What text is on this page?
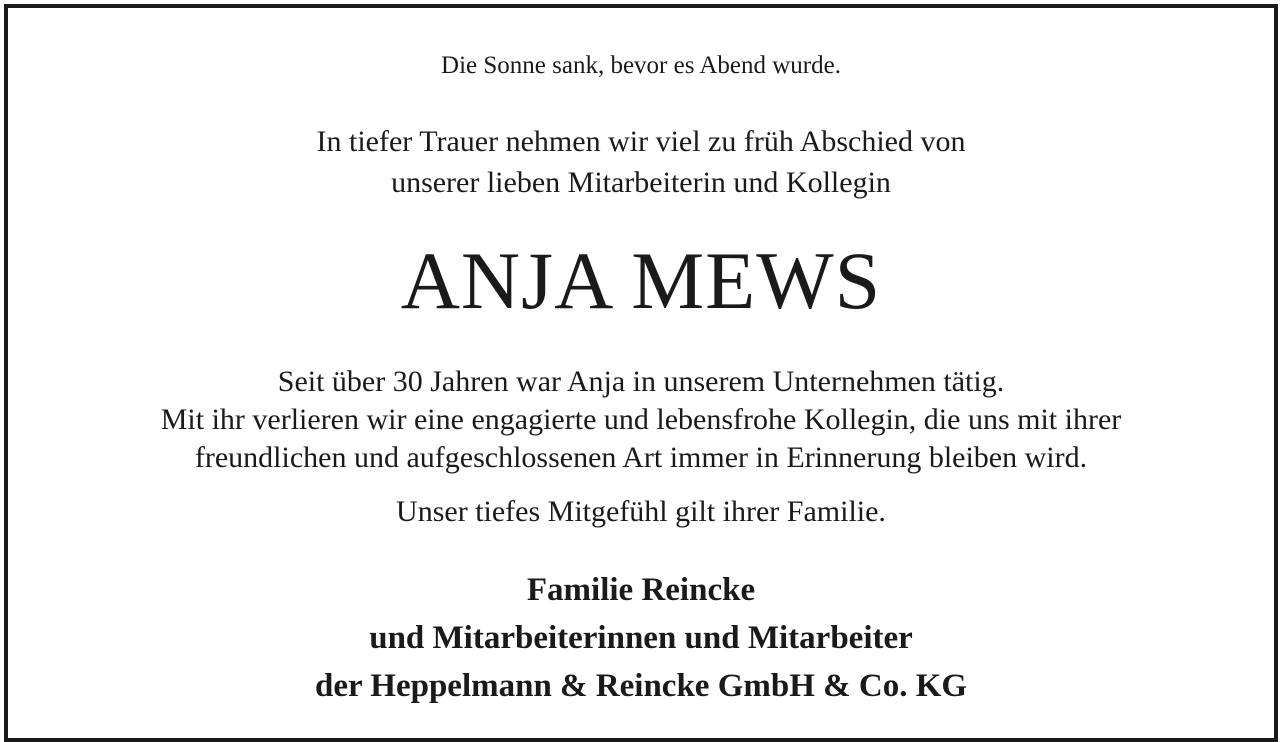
Die Sonne sank, bevor es Abend wurde.
In tiefer Trauer nehmen wir viel zu früh Abschied von
unserer lieben Mitarbeiterin und Kollegin
ANJA MEWS
Seit über 30 Jahren war Anja in unserem Unternehmen tätig.
Mit ihr verlieren wir eine engagierte und lebensfrohe Kollegin, die uns mit ihrer
freundlichen und aufgeschlossenen Art immer in Erinnerung bleiben wird.
Unser tiefes Mitgefühl gilt ihrer Familie.
Familie Reincke
und Mitarbeiterinnen und Mitarbeiter
der Heppelmann & Reincke GmbH & Co. KG
